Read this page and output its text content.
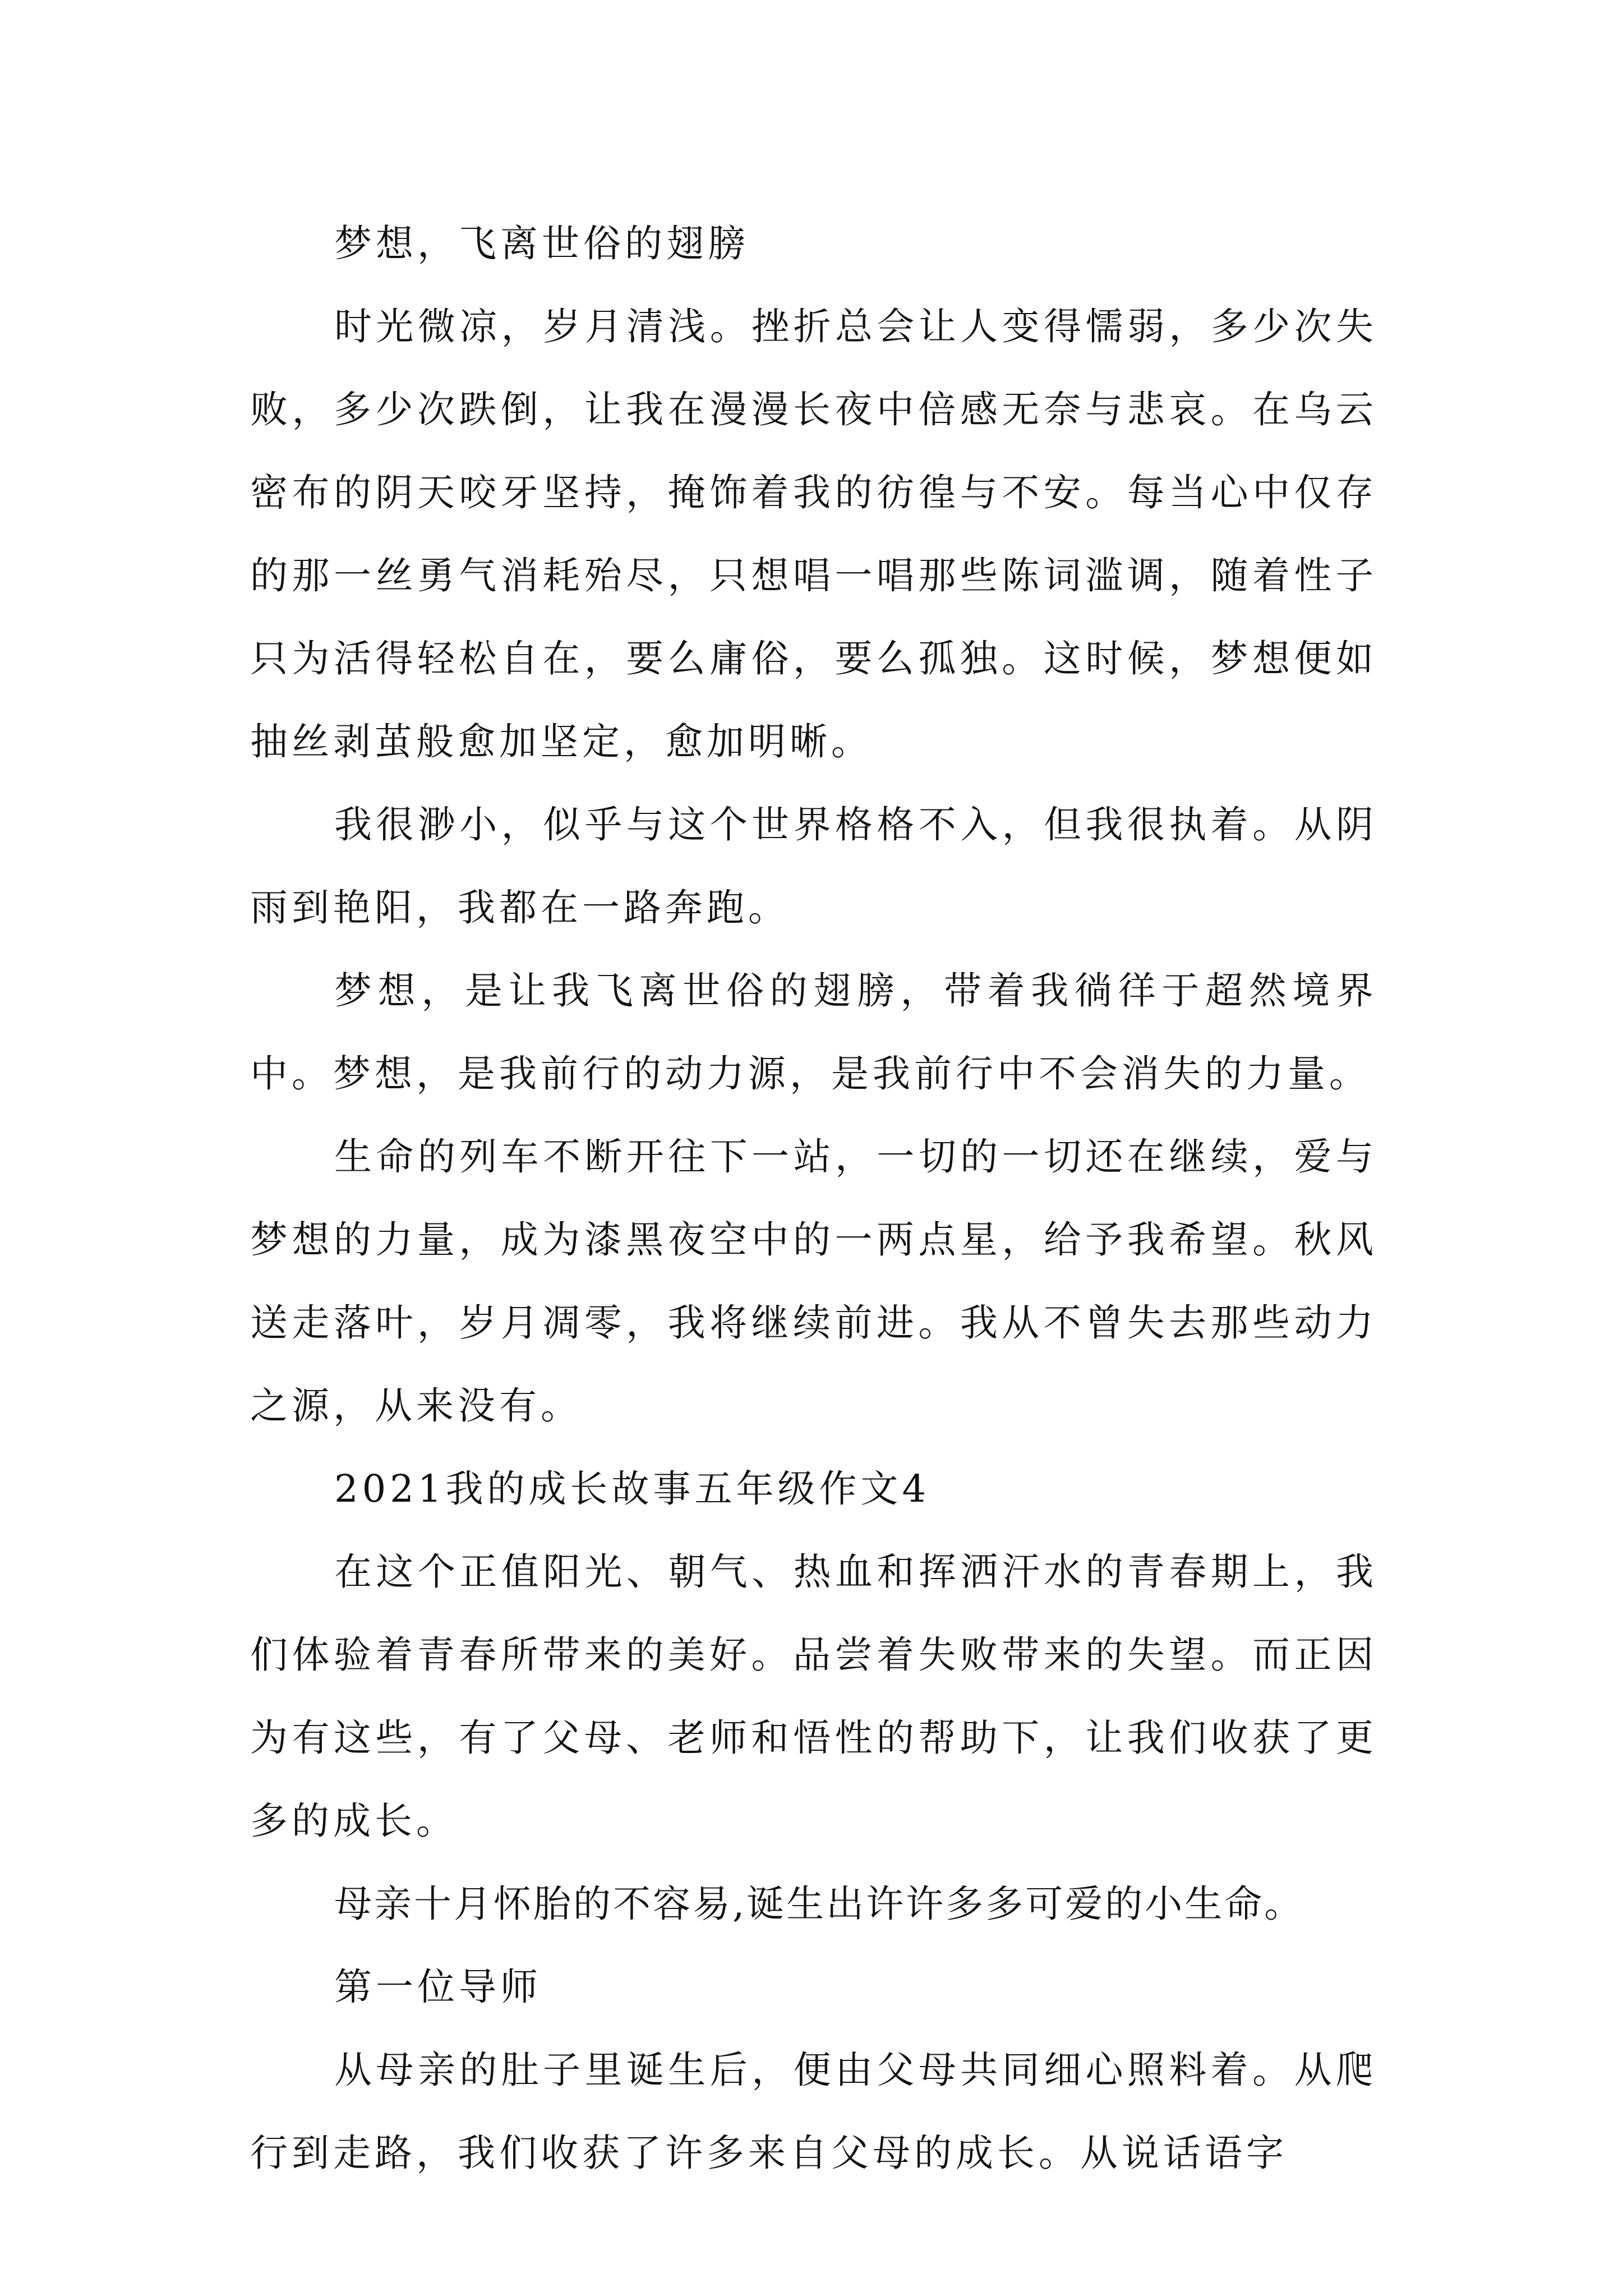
梦想，飞离世俗的翅膀

时光微凉，岁月清浅。挫折总会让人变得懦弱，多少次失败，多少次跌倒，让我在漫漫长夜中倍感无奈与悲哀。在乌云密布的阴天咬牙坚持，掩饰着我的彷徨与不安。每当心中仅存的那一丝勇气消耗殆尽，只想唱一唱那些陈词滥调，随着性子只为活得轻松自在，要么庸俗，要么孤独。这时候，梦想便如抽丝剥茧般愈加坚定，愈加明晰。

我很渺小，似乎与这个世界格格不入，但我很执着。从阴雨到艳阳，我都在一路奔跑。

梦想，是让我飞离世俗的翅膀，带着我徜徉于超然境界中。梦想，是我前行的动力源，是我前行中不会消失的力量。

生命的列车不断开往下一站，一切的一切还在继续，爱与梦想的力量，成为漆黑夜空中的一两点星，给予我希望。秋风送走落叶，岁月凋零，我将继续前进。我从不曾失去那些动力之源，从来没有。

2021我的成长故事五年级作文4

在这个正值阳光、朝气、热血和挥洒汗水的青春期上，我们体验着青春所带来的美好。品尝着失败带来的失望。而正因为有这些，有了父母、老师和悟性的帮助下，让我们收获了更多的成长。

母亲十月怀胎的不容易,诞生出许许多多可爱的小生命。

第一位导师

从母亲的肚子里诞生后，便由父母共同细心照料着。从爬行到走路，我们收获了许多来自父母的成长。从说话语字
